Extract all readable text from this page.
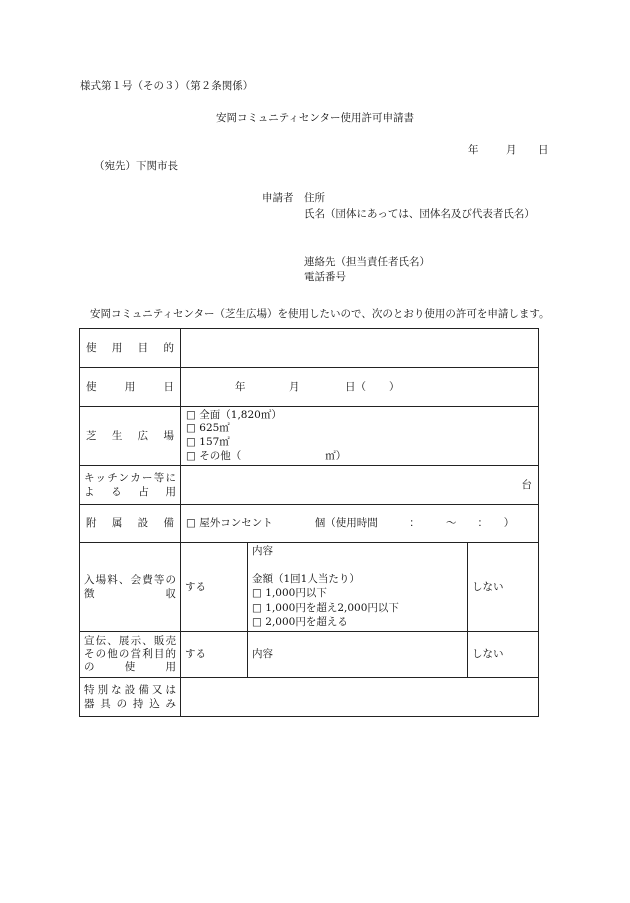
様式第１号（その３）（第２条関係）
安岡コミュニティセンター使用許可申請書
年	月 日
（宛先）下関市長
申請者 住所
氏名（団体にあっては、団体名及び代表者氏名）
連絡先（担当責任者氏名）
電話番号
安岡コミュニティセンター（芝生広場）を使用したいので、次のとおり使用の許可を申請します。
使用目的			
使用日	年 月 日（ ）		
芝生広場	□ 全面（1,820㎡）
□ 625㎡
□ 157㎡
□ その他（　　　　　　　　㎡）		

キッチンカー等に
よる占用	台		
附属設備	□ 屋外コンセント　　　　個（使用時間　　　：　　　〜　　：　　）		

入場料、会費等の
徴収	する	内容
金額（1回1人当たり）
□ 1,000円以下
□ 1,000円を超え2,000円以下
□ 2,000円を超える	しない

宣伝、展示、販売
その他の営利目的
の使用	する	内容	しない

特別な設備又は
器具の持込み			
